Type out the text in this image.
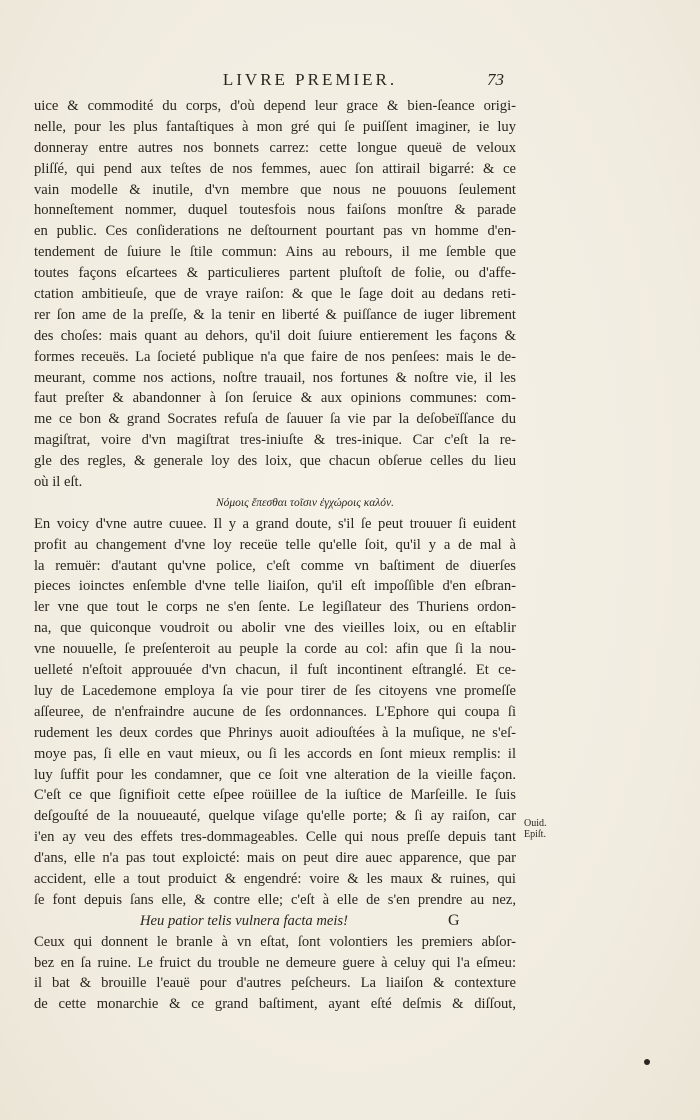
LIVRE PREMIER.	73
uice & commodité du corps, d'où depend leur grace & bien-ſeance origi-
nelle, pour les plus fantaſtiques à mon gré qui ſe puiſſent imaginer, ie luy
donneray entre autres nos bonnets carrez: cette longue queuë de veloux
pliſſé, qui pend aux teſtes de nos femmes, auec ſon attirail bigarré: & ce
vain modelle & inutile, d'vn membre que nous ne pouuons ſeulement
honneſtement nommer, duquel toutesfois nous faiſons monſtre & parade
en public. Ces conſiderations ne deſtournent pourtant pas vn homme d'en-
tendement de ſuiure le ſtile commun: Ains au rebours, il me ſemble que
toutes façons eſcartees & particulieres partent pluſtoſt de folie, ou d'affe-
ctation ambitieuſe, que de vraye raiſon: & que le ſage doit au dedans reti-
rer ſon ame de la preſſe, & la tenir en liberté & puiſſance de iuger librement
des choſes: mais quant au dehors, qu'il doit ſuiure entierement les façons &
formes receuës. La ſocieté publique n'a que faire de nos penſees: mais le de-
meurant, comme nos actions, noſtre trauail, nos fortunes & noſtre vie, il les
faut preſter & abandonner à ſon ſeruice & aux opinions communes: com-
me ce bon & grand Socrates refuſa de ſauuer ſa vie par la deſobeïſſance du
magiſtrat, voire d'vn magiſtrat tres-iniuſte & tres-inique. Car c'eſt la re-
gle des regles, & generale loy des loix, que chacun obſerue celles du lieu
où il eſt.
Νόμοις ἕπεσθαι τοῖσιν ἐγχώροις καλόν.
En voicy d'vne autre cuuee. Il y a grand doute, s'il ſe peut trouuer ſi euident
profit au changement d'vne loy receüe telle qu'elle ſoit, qu'il y a de mal à
la remuër: d'autant qu'vne police, c'eſt comme vn baſtiment de diuerſes
pieces ioinctes enſemble d'vne telle liaiſon, qu'il eſt impoſſible d'en eſbran-
ler vne que tout le corps ne s'en ſente. Le legiſlateur des Thuriens ordon-
na, que quiconque voudroit ou abolir vne des vieilles loix, ou en eſtablir
vne nouuelle, ſe preſenteroit au peuple la corde au col: afin que ſi la nou-
uelleté n'eſtoit approuuée d'vn chacun, il fuſt incontinent eſtranglé. Et ce-
luy de Lacedemone employa ſa vie pour tirer de ſes citoyens vne promeſſe
aſſeuree, de n'enfraindre aucune de ſes ordonnances. L'Ephore qui coupa ſi
rudement les deux cordes que Phrinys auoit adiouſtées à la muſique, ne s'eſ-
moye pas, ſi elle en vaut mieux, ou ſi les accords en ſont mieux remplis: il
luy ſuffit pour les condamner, que ce ſoit vne alteration de la vieille façon.
C'eſt ce que ſignifioit cette eſpee roüillee de la iuſtice de Marſeille. Ie ſuis
deſgouſté de la nouueauté, quelque viſage qu'elle porte; & ſi ay raiſon, car
i'en ay veu des effets tres-dommageables. Celle qui nous preſſe depuis tant
d'ans, elle n'a pas tout exploicté: mais on peut dire auec apparence, que par
accident, elle a tout produict & engendré: voire & les maux & ruines, qui
ſe font depuis ſans elle, & contre elle; c'eſt à elle de s'en prendre au nez,
Heu patior telis vulnera facta meis!
Ceux qui donnent le branle à vn eſtat, ſont volontiers les premiers abſor-
bez en ſa ruine. Le fruict du trouble ne demeure guere à celuy qui l'a eſmeu:
il bat & brouille l'eauë pour d'autres peſcheurs. La liaiſon & contexture
de cette monarchie & ce grand baſtiment, ayant eſté deſmis & diſſout,
Ouid.
Epiſt.
G
